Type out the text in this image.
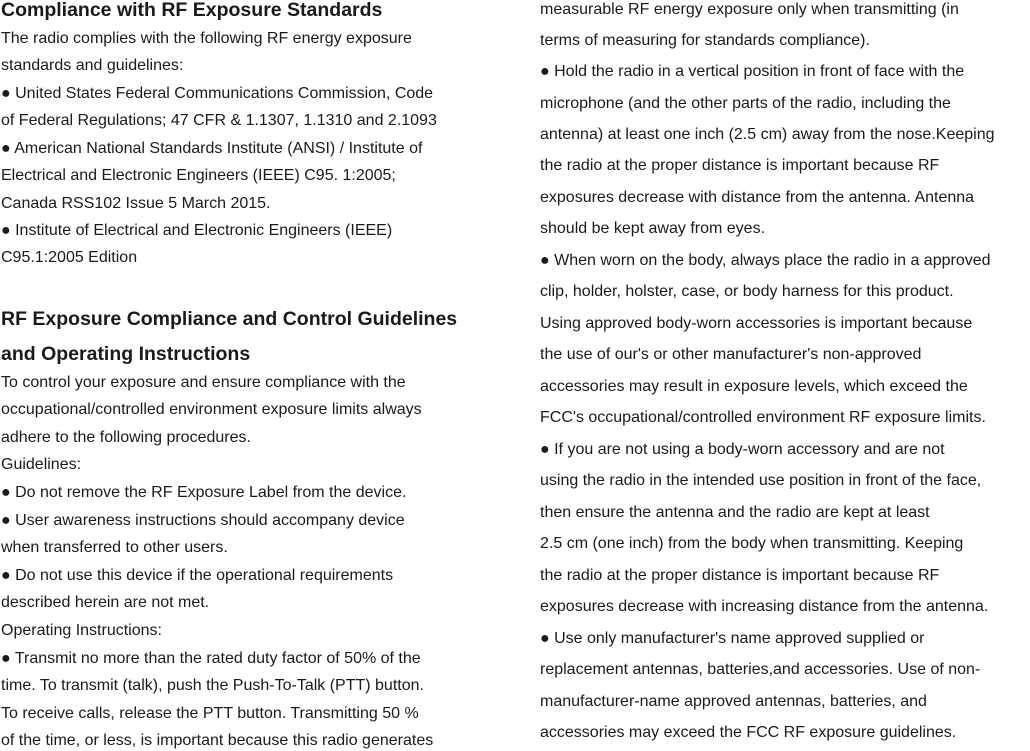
Compliance with RF Exposure Standards
The radio complies with the following RF energy exposure
standards and guidelines:
● United States Federal Communications Commission, Code
of Federal Regulations; 47 CFR & 1.1307, 1.1310 and 2.1093
● American National Standards Institute (ANSI) / Institute of
Electrical and Electronic Engineers (IEEE) C95. 1:2005;
Canada RSS102 Issue 5 March 2015.
● Institute of Electrical and Electronic Engineers (IEEE)
C95.1:2005 Edition
RF Exposure Compliance and Control Guidelines
and Operating Instructions
To control your exposure and ensure compliance with the
occupational/controlled environment exposure limits always
adhere to the following procedures.
Guidelines:
● Do not remove the RF Exposure Label from the device.
● User awareness instructions should accompany device
when transferred to other users.
● Do not use this device if the operational requirements
described herein are not met.
Operating Instructions:
● Transmit no more than the rated duty factor of 50% of the
time. To transmit (talk), push the Push-To-Talk (PTT) button.
To receive calls, release the PTT button. Transmitting 50 %
of the time, or less, is important because this radio generates
measurable RF energy exposure only when transmitting (in
terms of measuring for standards compliance).
● Hold the radio in a vertical position in front of face with the
microphone (and the other parts of the radio, including the
antenna) at least one inch (2.5 cm) away from the nose.Keeping
the radio at the proper distance is important because RF
exposures decrease with distance from the antenna. Antenna
should be kept away from eyes.
● When worn on the body, always place the radio in a approved
clip, holder, holster, case, or body harness for this product.
Using approved body-worn accessories is important because
the use of our's or other manufacturer's non-approved
accessories may result in exposure levels, which exceed the
FCC's occupational/controlled environment RF exposure limits.
● If you are not using a body-worn accessory and are not
using the radio in the intended use position in front of the face,
then ensure the antenna and the radio are kept at least
2.5 cm (one inch) from the body when transmitting. Keeping
the radio at the proper distance is important because RF
exposures decrease with increasing distance from the antenna.
● Use only manufacturer's name approved supplied or
replacement antennas, batteries,and accessories. Use of non-
manufacturer-name approved antennas, batteries, and
accessories may exceed the FCC RF exposure guidelines.
